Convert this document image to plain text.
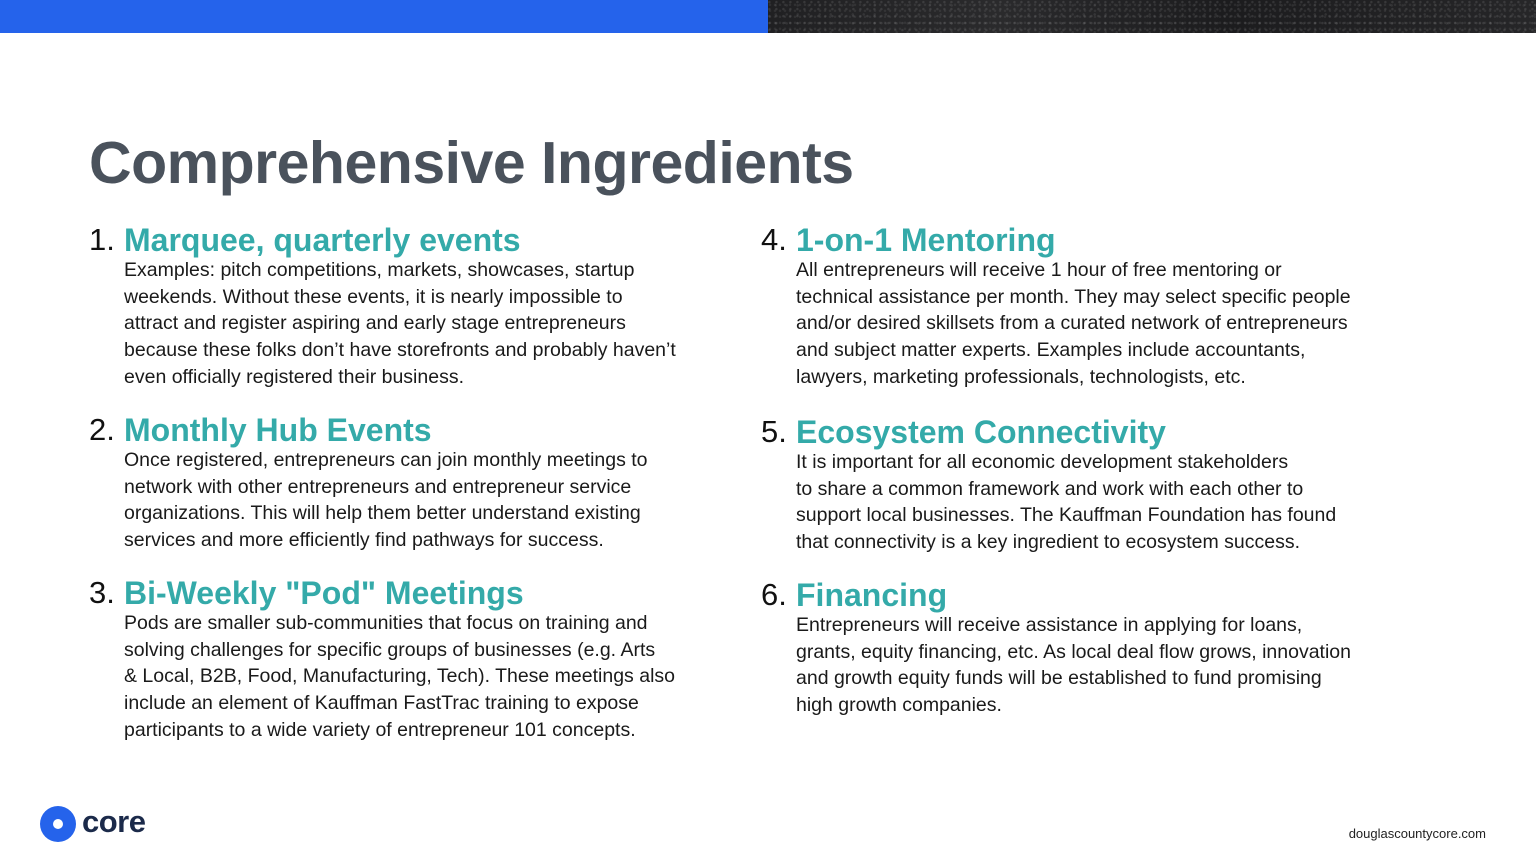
Comprehensive Ingredients
1. Marquee, quarterly events
Examples: pitch competitions, markets, showcases, startup
weekends. Without these events, it is nearly impossible to
attract and register aspiring and early stage entrepreneurs
because these folks don’t have storefronts and probably haven’t
even officially registered their business.
2. Monthly Hub Events
Once registered, entrepreneurs can join monthly meetings to
network with other entrepreneurs and entrepreneur service
organizations. This will help them better understand existing
services and more efficiently find pathways for success.
3. Bi-Weekly "Pod" Meetings
Pods are smaller sub-communities that focus on training and
solving challenges for specific groups of businesses (e.g. Arts
& Local, B2B, Food, Manufacturing, Tech). These meetings also
include an element of Kauffman FastTrac training to expose
participants to a wide variety of entrepreneur 101 concepts.
4. 1-on-1 Mentoring
All entrepreneurs will receive 1 hour of free mentoring or
technical assistance per month. They may select specific people
and/or desired skillsets from a curated network of entrepreneurs
and subject matter experts. Examples include accountants,
lawyers, marketing professionals, technologists, etc.
5. Ecosystem Connectivity
It is important for all economic development stakeholders
to share a common framework and work with each other to
support local businesses. The Kauffman Foundation has found
that connectivity is a key ingredient to ecosystem success.
6. Financing
Entrepreneurs will receive assistance in applying for loans,
grants, equity financing, etc. As local deal flow grows, innovation
and growth equity funds will be established to fund promising
high growth companies.
core	douglascountycore.com
